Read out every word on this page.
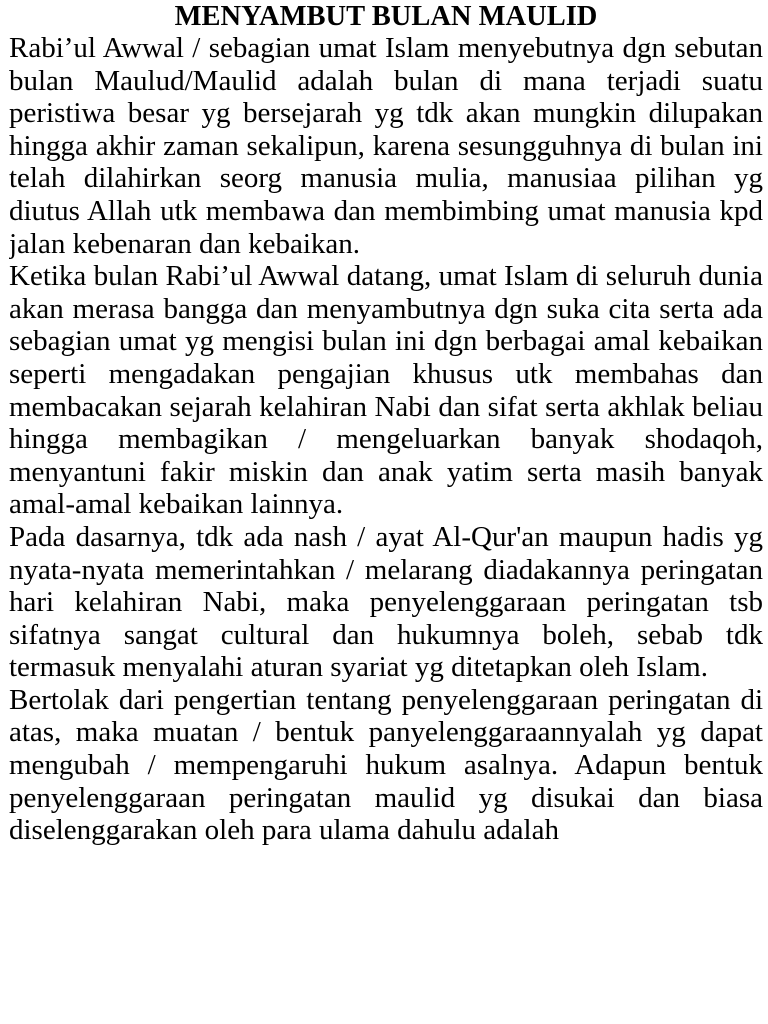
MENYAMBUT BULAN MAULID

Rabi’ul Awwal / sebagian umat Islam menyebutnya dgn sebutan bulan Maulud/Maulid adalah bulan di mana terjadi suatu peristiwa besar yg bersejarah yg tdk akan mungkin dilupakan hingga akhir zaman sekalipun, karena sesungguhnya di bulan ini telah dilahirkan seorg manusia mulia, manusiaa pilihan yg diutus Allah utk membawa dan membimbing umat manusia kpd jalan kebenaran dan kebaikan.

Ketika bulan Rabi’ul Awwal datang, umat Islam di seluruh dunia akan merasa bangga dan menyambutnya dgn suka cita serta ada sebagian umat yg mengisi bulan ini dgn berbagai amal kebaikan seperti mengadakan pengajian khusus utk membahas dan membacakan sejarah kelahiran Nabi dan sifat serta akhlak beliau hingga membagikan / mengeluarkan banyak shodaqoh, menyantuni fakir miskin dan anak yatim serta masih banyak amal-amal kebaikan lainnya.

Pada dasarnya, tdk ada nash / ayat Al-Qur'an maupun hadis yg nyata-nyata memerintahkan / melarang diadakannya peringatan hari kelahiran Nabi, maka penyelenggaraan peringatan tsb sifatnya sangat cultural dan hukumnya boleh, sebab tdk termasuk menyalahi aturan syariat yg ditetapkan oleh Islam.

Bertolak dari pengertian tentang penyelenggaraan peringatan di atas, maka muatan / bentuk panyelenggaraannyalah yg dapat mengubah / mempengaruhi hukum asalnya. Adapun bentuk penyelenggaraan peringatan maulid yg disukai dan biasa diselenggarakan oleh para ulama dahulu adalah
